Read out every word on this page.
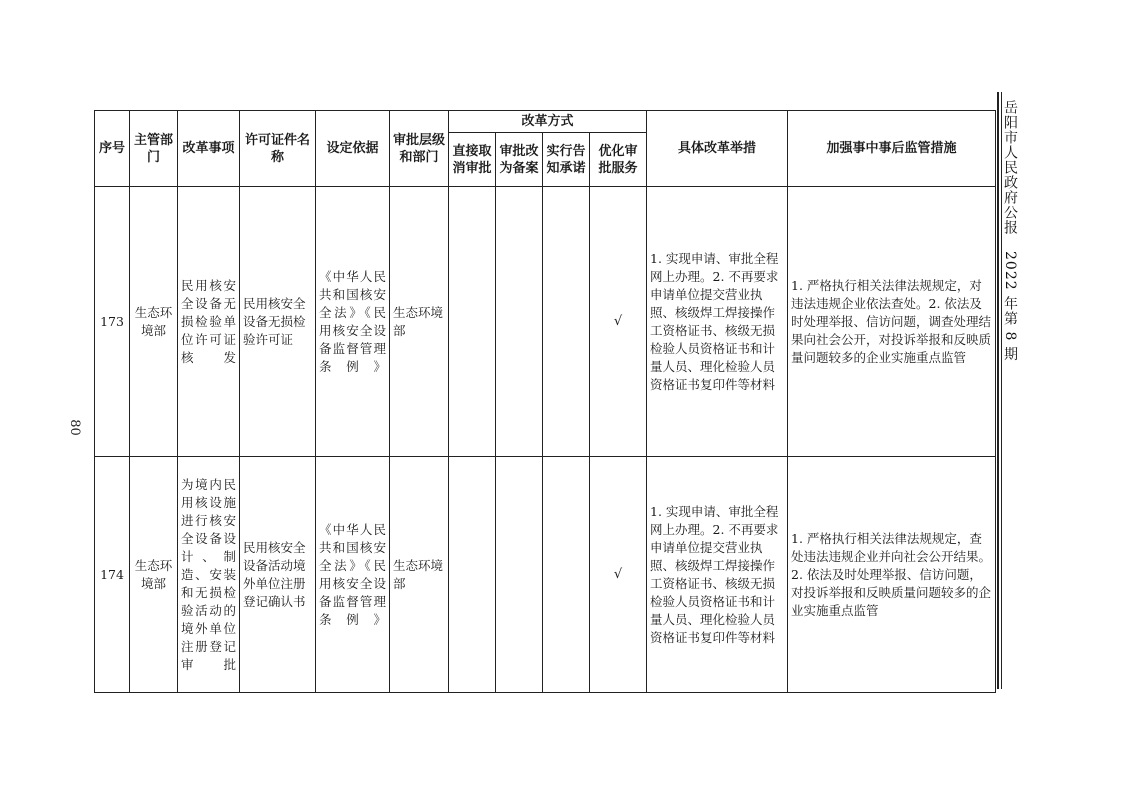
80
岳阳市人民政府公报2022 年第 8 期
序号	主管部门	改革事项	许可证件名称	设定依据	审批层级和部门	改革方式				具体改革举措	加强事中事后监管措施
						直接取消审批	审批改为备案	实行告知承诺	优化审批服务		
173	生态环境部	民用核安全设备无损检验单位许可证核发	民用核安全设备无损检验许可证	《中华人民共和国核安全法》《民用核安全设备监督管理条例》	生态环境部				√	1. 实现申请、审批全程网上办理。2. 不再要求申请单位提交营业执照、核级焊工焊接操作工资格证书、核级无损检验人员资格证书和计量人员、理化检验人员资格证书复印件等材料	1. 严格执行相关法律法规规定，对违法违规企业依法查处。2. 依法及时处理举报、信访问题，调查处理结果向社会公开，对投诉举报和反映质量问题较多的企业实施重点监管
174	生态环境部	为境内民用核设施进行核安全设备设计、制造、安装和无损检验活动的境外单位注册登记审批	民用核安全设备活动境外单位注册登记确认书	《中华人民共和国核安全法》《民用核安全设备监督管理条例》	生态环境部				√	1. 实现申请、审批全程网上办理。2. 不再要求申请单位提交营业执照、核级焊工焊接操作工资格证书、核级无损检验人员资格证书和计量人员、理化检验人员资格证书复印件等材料	1. 严格执行相关法律法规规定，查处违法违规企业并向社会公开结果。2. 依法及时处理举报、信访问题，对投诉举报和反映质量问题较多的企业实施重点监管
